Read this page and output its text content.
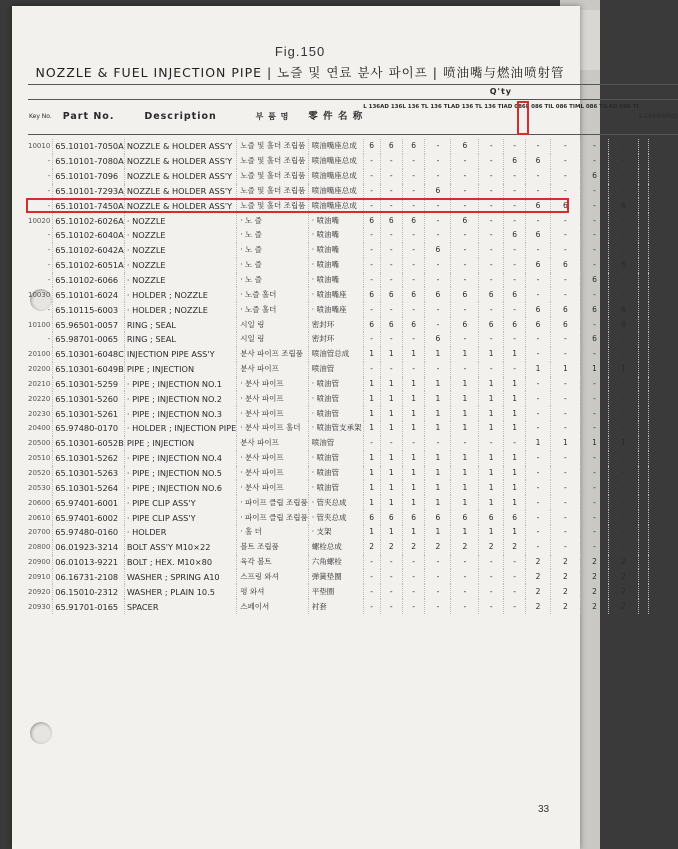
Fig.150
NOZZLE & FUEL INJECTION PIPE | 노즐 및 연료 분사 파이프 | 喷油嘴与燃油喷射管
					Q'ty												
Key No.	Part No.	Description	부 품 명	零 件 名 称	L 136	AD 136	L 136 T	L 136 TL	AD 136 T	L 136 TI	AD 086	L 086 TI	L 086 TIM	L 086 TIL	AD 086 TI	S.C	REMARKS

10010	65.10101-7050A	NOZZLE & HOLDER ASS'Y	노즐 및 홀더 조립품	喷油嘴座总成	6	6	6	-	6	-	-	-	-	-	-		
-	65.10101-7080A	NOZZLE & HOLDER ASS'Y	노즐 및 홀더 조립품	喷油嘴座总成	-	-	-	-	-	-	6	6	-	-	-		
-	65.10101-7096	NOZZLE & HOLDER ASS'Y	노즐 및 홀더 조립품	喷油嘴座总成	-	-	-	-	-	-	-	-	-	6	-		
-	65.10101-7293A	NOZZLE & HOLDER ASS'Y	노즐 및 홀더 조립품	喷油嘴座总成	-	-	-	6	-	-	-	-	-	-	-		
-	65.10101-7450A	NOZZLE & HOLDER ASS'Y	노즐 및 홀더 조립품	喷油嘴座总成	-	-	-	-	-	-	-	6	6	-	6		
10020	65.10102-6026A	· NOZZLE	· 노 즐	· 喷油嘴	6	6	6	-	6	-	-	-	-	-	-		
-	65.10102-6040A	· NOZZLE	· 노 즐	· 喷油嘴	-	-	-	-	-	-	6	6	-	-	-		
-	65.10102-6042A	· NOZZLE	· 노 즐	· 喷油嘴	-	-	-	6	-	-	-	-	-	-	-		
-	65.10102-6051A	· NOZZLE	· 노 즐	· 喷油嘴	-	-	-	-	-	-	-	6	6	-	6		
-	65.10102-6066	· NOZZLE	· 노 즐	· 喷油嘴	-	-	-	-	-	-	-	-	-	6	-		
10030	65.10101-6024	· HOLDER ; NOZZLE	· 노즐 홀더	· 喷油嘴座	6	6	6	6	6	6	6	-	-	-	-		
-	65.10115-6003	· HOLDER ; NOZZLE	· 노즐 홀더	· 喷油嘴座	-	-	-	-	-	-	-	6	6	6	6		
10100	65.96501-0057	RING ; SEAL	시일 링	密封环	6	6	6	-	6	6	6	6	6	-	6		
-	65.98701-0065	RING ; SEAL	시일 링	密封环	-	-	-	6	-	-	-	-	-	6	-		
20100	65.10301-6048C	INJECTION PIPE ASS'Y	분사 파이프 조립품	喷油管总成	1	1	1	1	1	1	1	-	-	-	-		
20200	65.10301-6049B	PIPE ; INJECTION	분사 파이프	喷油管	-	-	-	-	-	-	-	1	1	1	1		
20210	65.10301-5259	· PIPE ; INJECTION NO.1	· 분사 파이프	· 喷油管	1	1	1	1	1	1	1	-	-	-	-		
20220	65.10301-5260	· PIPE ; INJECTION NO.2	· 분사 파이프	· 喷油管	1	1	1	1	1	1	1	-	-	-	-		
20230	65.10301-5261	· PIPE ; INJECTION NO.3	· 분사 파이프	· 喷油管	1	1	1	1	1	1	1	-	-	-	-		
20400	65.97480-0170	· HOLDER ; INJECTION PIPE	· 분사 파이프 홀더	· 喷油管支承架	1	1	1	1	1	1	1	-	-	-	-		
20500	65.10301-6052B	PIPE ; INJECTION	분사 파이프	喷油管	-	-	-	-	-	-	-	1	1	1	1		
20510	65.10301-5262	· PIPE ; INJECTION NO.4	· 분사 파이프	· 喷油管	1	1	1	1	1	1	1	-	-	-	-		
20520	65.10301-5263	· PIPE ; INJECTION NO.5	· 분사 파이프	· 喷油管	1	1	1	1	1	1	1	-	-	-	-		
20530	65.10301-5264	· PIPE ; INJECTION NO.6	· 분사 파이프	· 喷油管	1	1	1	1	1	1	1	-	-	-	-		
20600	65.97401-6001	· PIPE CLIP ASS'Y	· 파이프 클립 조립품	· 管夹总成	1	1	1	1	1	1	1	-	-	-	-		
20610	65.97401-6002	· PIPE CLIP ASS'Y	· 파이프 클립 조립품	· 管夹总成	6	6	6	6	6	6	6	-	-	-	-		
20700	65.97480-0160	· HOLDER	· 홀 더	· 支架	1	1	1	1	1	1	1	-	-	-	-		
20800	06.01923-3214	BOLT ASS'Y M10×22	볼트 조립품	螺栓总成	2	2	2	2	2	2	2	-	-	-	-		
20900	06.01013-9221	BOLT ; HEX. M10×80	육각 볼트	六角螺栓	-	-	-	-	-	-	-	2	2	2	2		
20910	06.16731-2108	WASHER ; SPRING A10	스프링 와셔	弹簧垫圈	-	-	-	-	-	-	-	2	2	2	2		
20920	06.15010-2312	WASHER ; PLAIN 10.5	평 와셔	平垫圈	-	-	-	-	-	-	-	2	2	2	2		
20930	65.91701-0165	SPACER	스페이서	衬套	-	-	-	-	-	-	-	2	2	2	2		
33
